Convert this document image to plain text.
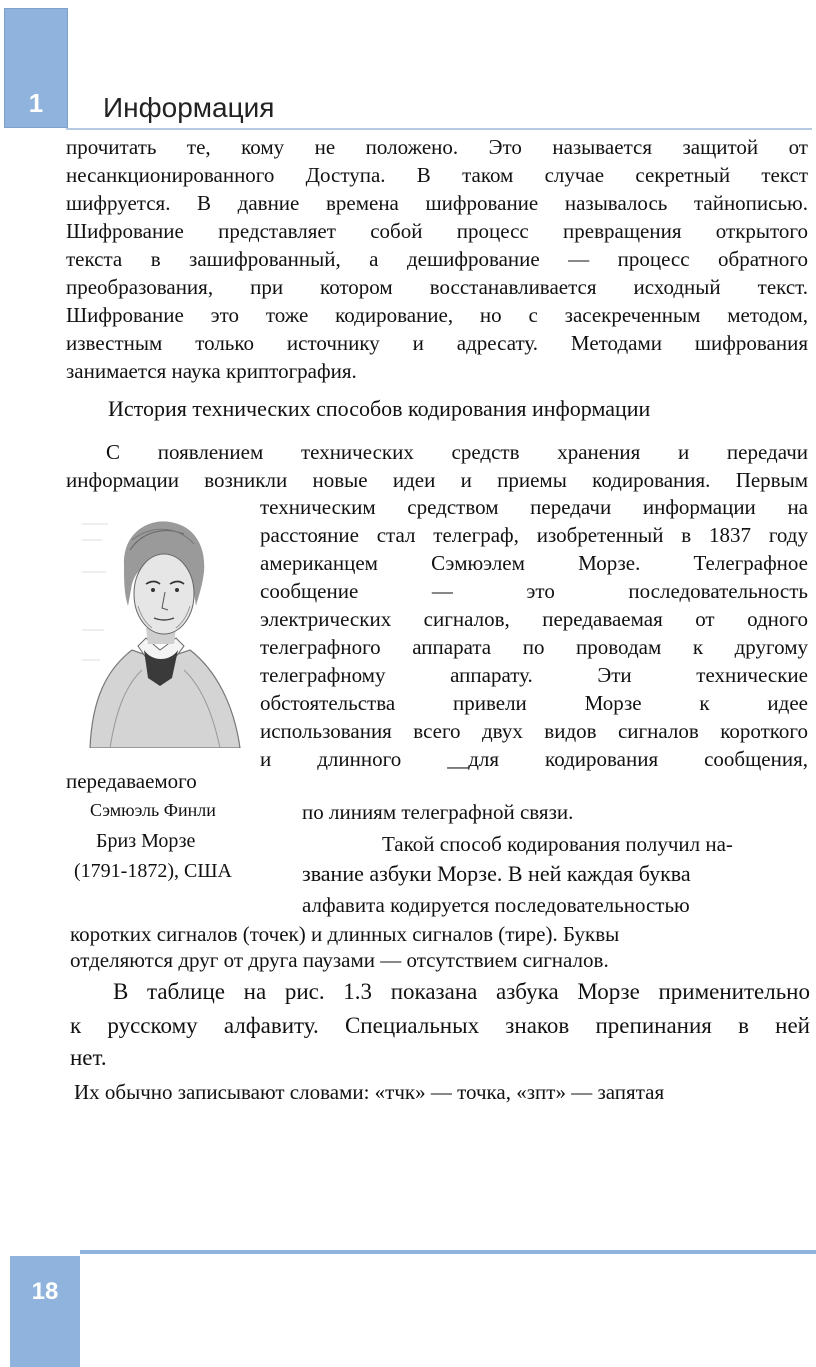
1	Информация
прочитать те, кому не положено. Это называется защитой от
несанкционированного Доступа. В таком случае секретный текст
шифруется. В давние времена шифрование называлось тайнописью.
Шифрование представляет собой процесс превращения открытого
текста в зашифрованный, а дешифрование — процесс обратного
преобразования, при котором восстанавливается исходный текст.
Шифрование это тоже кодирование, но с засекреченным методом,
известным только источнику и адресату. Методами шифрования
занимается наука криптография.
История технических способов кодирования информации
С появлением технических средств хранения и передачи
информации возникли новые идеи и приемы кодирования. Первым
техническим средством передачи информации на
расстояние стал телеграф, изобретенный в 1837 году
американцем Сэмюэлем Морзе. Телеграфное
сообщение — это последовательность
электрических сигналов, передаваемая от одного
телеграфного аппарата по проводам к другому
телеграфному аппарату. Эти технические
обстоятельства привели Морзе к идее
использования всего двух видов сигналов короткого
и длинного __для кодирования сообщения,
передаваемого
Сэмюэль Финли
Бриз Морзе
(1791-1872), США
по линиям телеграфной связи.
Такой способ кодирования получил на-
звание азбуки Морзе. В ней каждая буква
алфавита кодируется последовательностью
коротких сигналов (точек) и длинных сигналов (тире). Буквы
отделяются друг от друга паузами — отсутствием сигналов.
В таблице на рис. 1.3 показана азбука Морзе применительно
к русскому алфавиту. Специальных знаков препинания в ней
нет.
Их обычно записывают словами: «тчк» — точка, «зпт» — запятая
18
